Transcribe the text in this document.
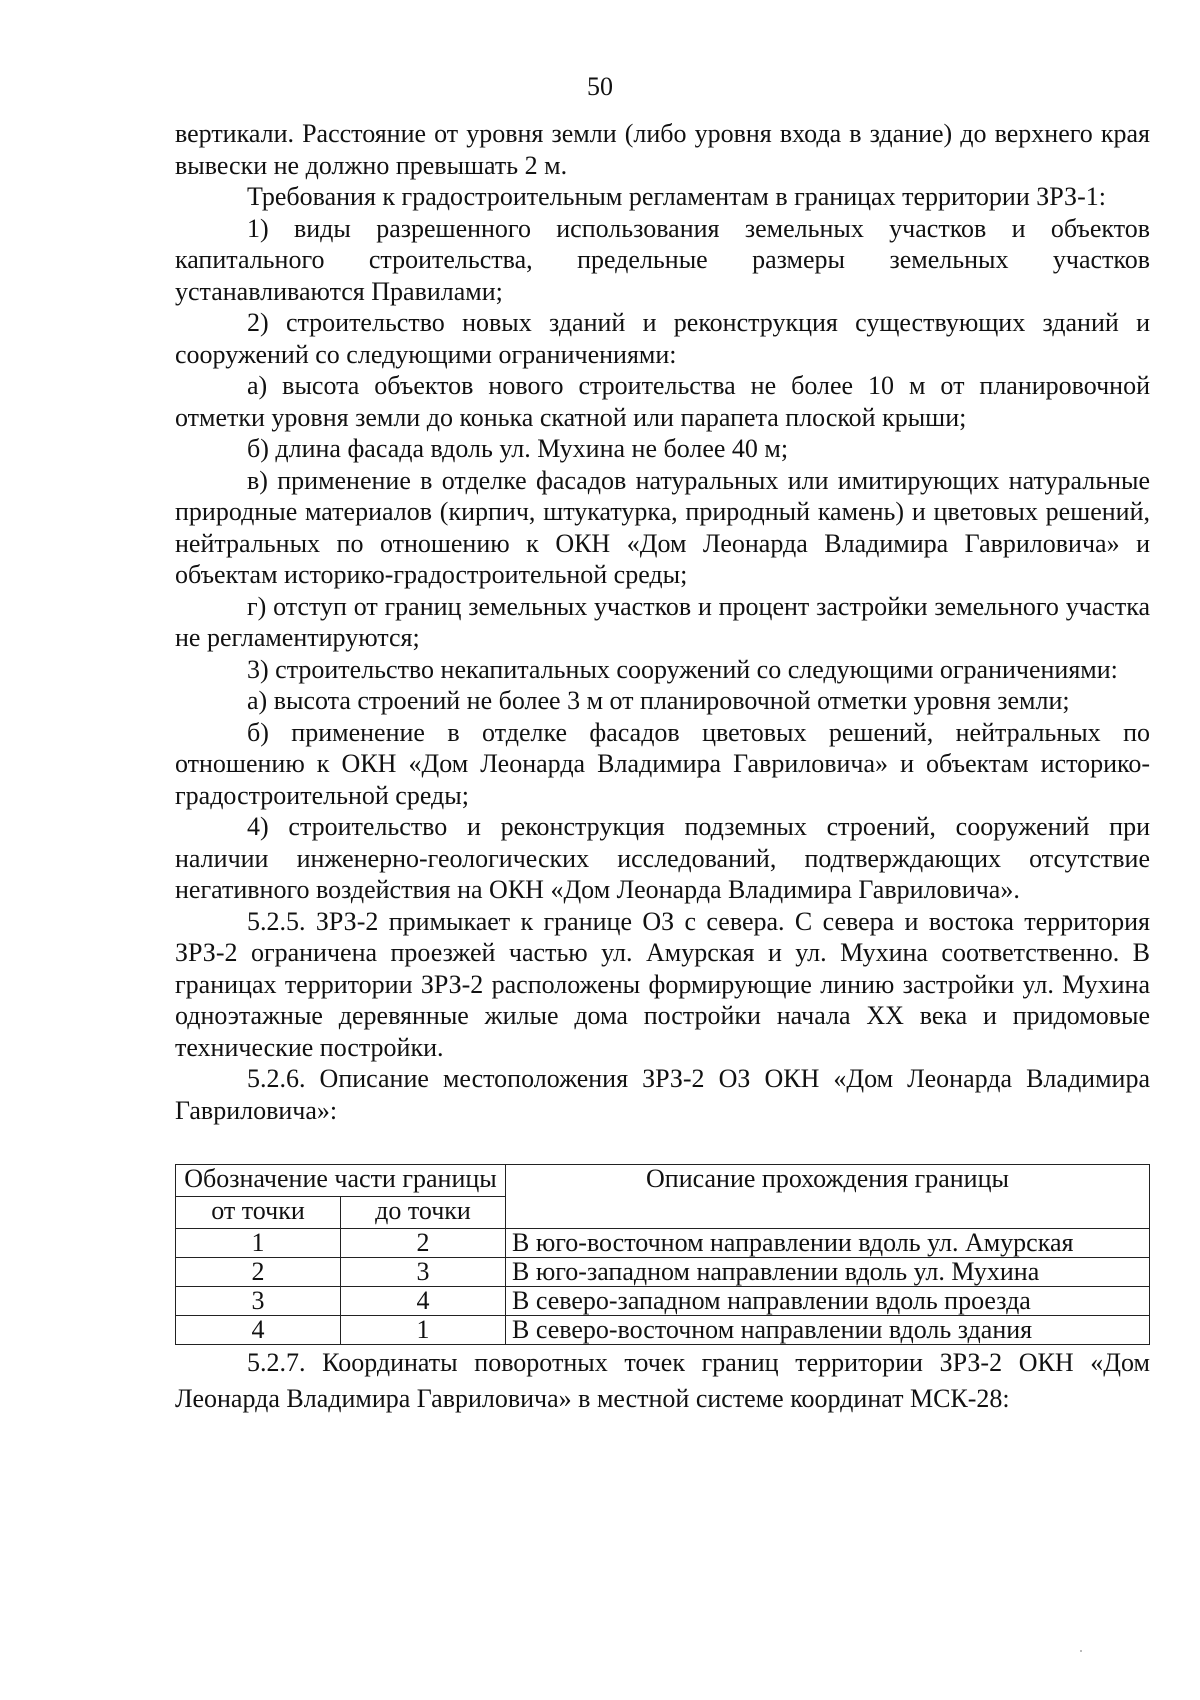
50

вертикали. Расстояние от уровня земли (либо уровня входа в здание) до верхнего края вывески не должно превышать 2 м.

Требования к градостроительным регламентам в границах территории ЗРЗ-1:

1) виды разрешенного использования земельных участков и объектов капитального строительства, предельные размеры земельных участков устанавливаются Правилами;

2) строительство новых зданий и реконструкция существующих зданий и сооружений со следующими ограничениями:

а) высота объектов нового строительства не более 10 м от планировочной отметки уровня земли до конька скатной или парапета плоской крыши;

б) длина фасада вдоль ул. Мухина не более 40 м;

в) применение в отделке фасадов натуральных или имитирующих натуральные природные материалов (кирпич, штукатурка, природный камень) и цветовых решений, нейтральных по отношению к ОКН «Дом Леонарда Владимира Гавриловича» и объектам историко-градостроительной среды;

г) отступ от границ земельных участков и процент застройки земельного участка не регламентируются;

3) строительство некапитальных сооружений со следующими ограничениями:

а) высота строений не более 3 м от планировочной отметки уровня земли;

б) применение в отделке фасадов цветовых решений, нейтральных по отношению к ОКН «Дом Леонарда Владимира Гавриловича» и объектам историко-градостроительной среды;

4) строительство и реконструкция подземных строений, сооружений при наличии инженерно-геологических исследований, подтверждающих отсутствие негативного воздействия на ОКН «Дом Леонарда Владимира Гавриловича».

5.2.5. ЗРЗ-2 примыкает к границе ОЗ с севера. С севера и востока территория ЗРЗ-2 ограничена проезжей частью ул. Амурская и ул. Мухина соответственно. В границах территории ЗРЗ-2 расположены формирующие линию застройки ул. Мухина одноэтажные деревянные жилые дома постройки начала XX века и придомовые технические постройки.

5.2.6. Описание местоположения ЗРЗ-2 ОЗ ОКН «Дом Леонарда Владимира Гавриловича»:

Обозначение части границы		Описание прохождения границы
от точки	до точки	
1	2	В юго-восточном направлении вдоль ул. Амурская
2	3	В юго-западном направлении вдоль ул. Мухина
3	4	В северо-западном направлении вдоль проезда
4	1	В северо-восточном направлении вдоль здания

5.2.7. Координаты поворотных точек границ территории ЗРЗ-2 ОКН «Дом Леонарда Владимира Гавриловича» в местной системе координат МСК-28:
